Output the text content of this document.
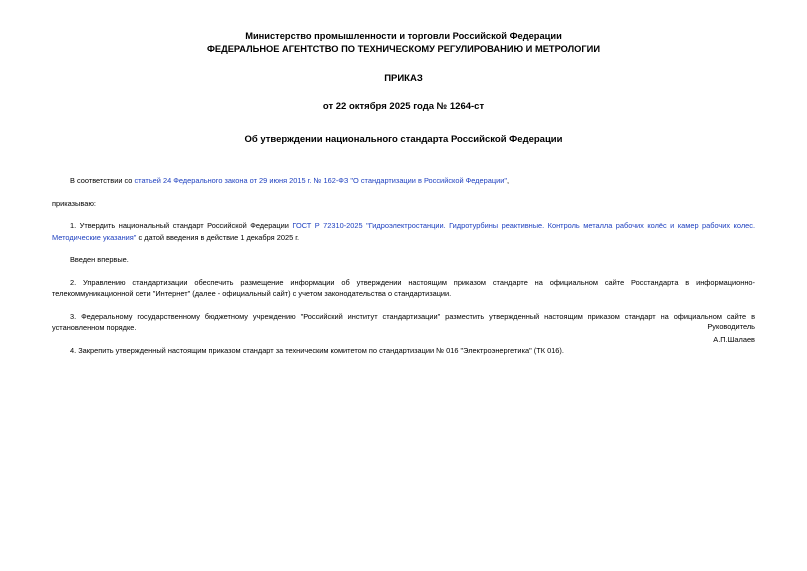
Министерство промышленности и торговли Российской Федерации
ФЕДЕРАЛЬНОЕ АГЕНТСТВО ПО ТЕХНИЧЕСКОМУ РЕГУЛИРОВАНИЮ И МЕТРОЛОГИИ
ПРИКАЗ
от 22 октября 2025 года № 1264-ст
Об утверждении национального стандарта Российской Федерации

В соответствии со статьей 24 Федерального закона от 29 июня 2015 г. № 162-ФЗ "О стандартизации в Российской Федерации",

приказываю:

1. Утвердить национальный стандарт Российской Федерации ГОСТ Р 72310-2025 "Гидроэлектростанции. Гидротурбины реактивные. Контроль металла рабочих колёс и камер рабочих колес. Методические указания" с датой введения в действие 1 декабря 2025 г.

Введен впервые.

2. Управлению стандартизации обеспечить размещение информации об утверждении настоящим приказом стандарте на официальном сайте Росстандарта в информационно-телекоммуникационной сети "Интернет" (далее - официальный сайт) с учетом законодательства о стандартизации.

3. Федеральному государственному бюджетному учреждению "Российский институт стандартизации" разместить утвержденный настоящим приказом стандарт на официальном сайте в установленном порядке.

4. Закрепить утвержденный настоящим приказом стандарт за техническим комитетом по стандартизации № 016 "Электроэнергетика" (ТК 016).

Руководитель
А.П.Шалаев
